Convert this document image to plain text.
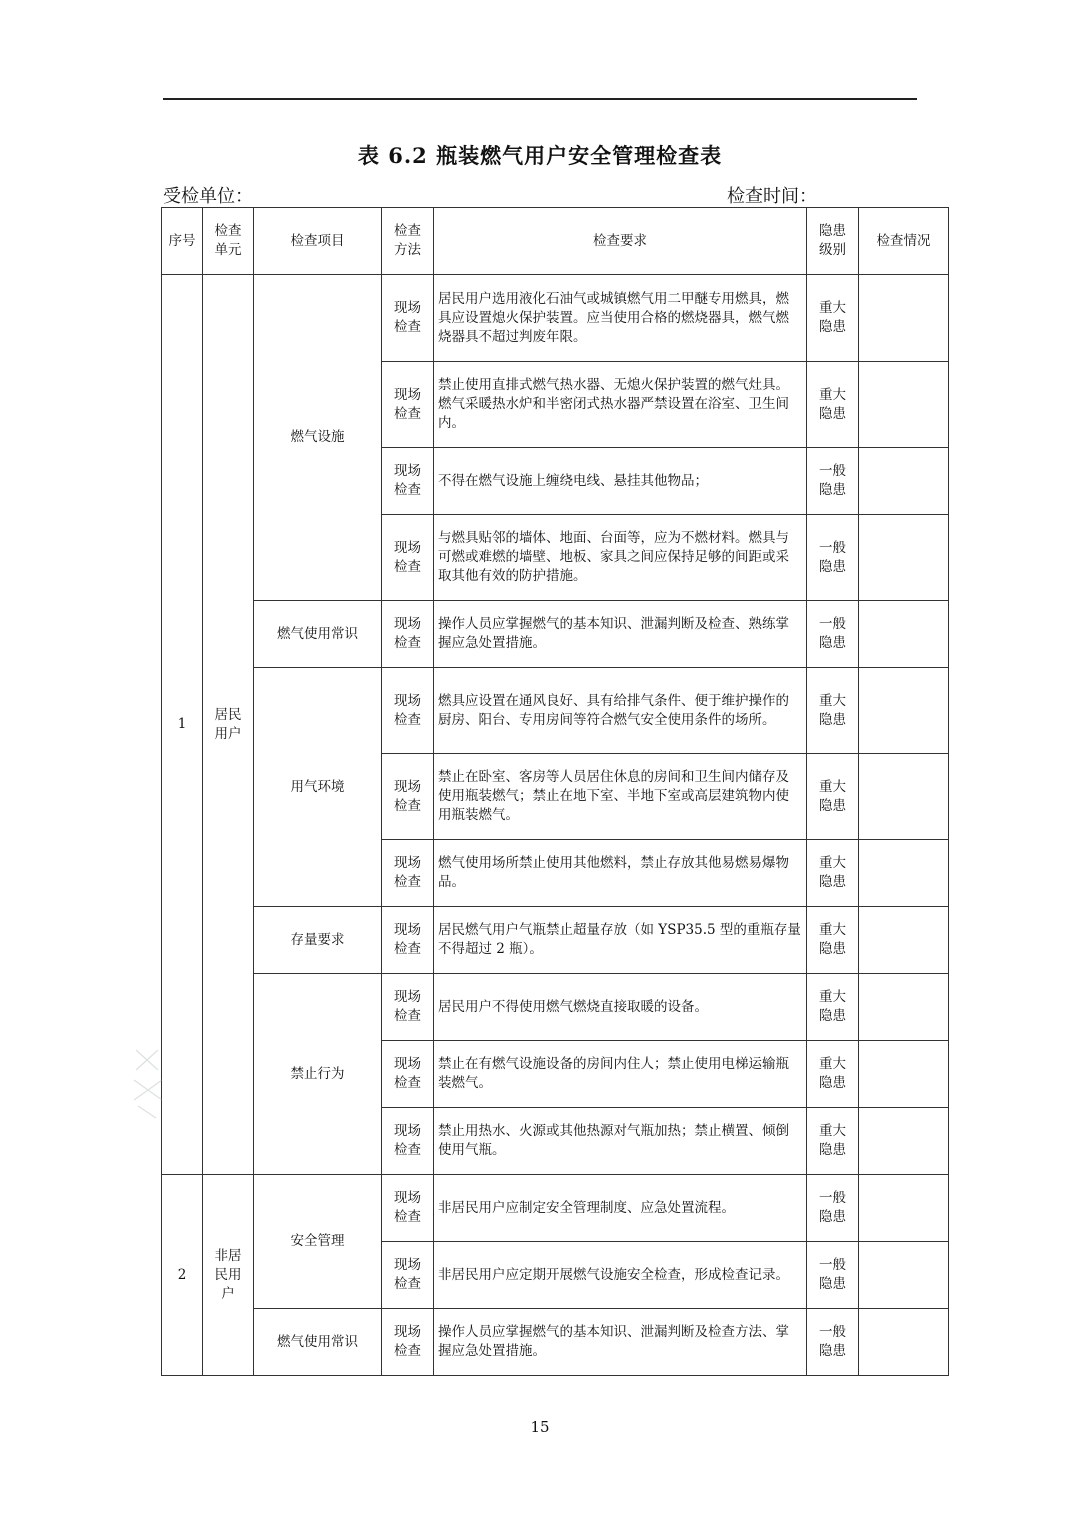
表 6.2 瓶装燃气用户安全管理检查表
受检单位：	检查时间：
序号	检查单元	检查项目	检查方法	检查要求	隐患级别	检查情况
1	居民用户	燃气设施	现场检查	居民用户选用液化石油气或城镇燃气用二甲醚专用燃具，燃具应设置熄火保护装置。应当使用合格的燃烧器具，燃气燃烧器具不超过判废年限。	重大隐患	
			现场检查	禁止使用直排式燃气热水器、无熄火保护装置的燃气灶具。燃气采暖热水炉和半密闭式热水器严禁设置在浴室、卫生间内。	重大隐患	
			现场检查	不得在燃气设施上缠绕电线、悬挂其他物品；	一般隐患	
			现场检查	与燃具贴邻的墙体、地面、台面等，应为不燃材料。燃具与可燃或难燃的墙壁、地板、家具之间应保持足够的间距或采取其他有效的防护措施。	一般隐患	
		燃气使用常识	现场检查	操作人员应掌握燃气的基本知识、泄漏判断及检查、熟练掌握应急处置措施。	一般隐患	
		用气环境	现场检查	燃具应设置在通风良好、具有给排气条件、便于维护操作的厨房、阳台、专用房间等符合燃气安全使用条件的场所。	重大隐患	
			现场检查	禁止在卧室、客房等人员居住休息的房间和卫生间内储存及使用瓶装燃气；禁止在地下室、半地下室或高层建筑物内使用瓶装燃气。	重大隐患	
			现场检查	燃气使用场所禁止使用其他燃料，禁止存放其他易燃易爆物品。	重大隐患	
		存量要求	现场检查	居民燃气用户气瓶禁止超量存放（如 YSP35.5 型的重瓶存量不得超过 2 瓶）。	重大隐患	
		禁止行为	现场检查	居民用户不得使用燃气燃烧直接取暖的设备。	重大隐患	
			现场检查	禁止在有燃气设施设备的房间内住人；禁止使用电梯运输瓶装燃气。	重大隐患	
			现场检查	禁止用热水、火源或其他热源对气瓶加热；禁止横置、倾倒使用气瓶。	重大隐患	
2	非居民用户	安全管理	现场检查	非居民用户应制定安全管理制度、应急处置流程。	一般隐患	
			现场检查	非居民用户应定期开展燃气设施安全检查，形成检查记录。	一般隐患	
		燃气使用常识	现场检查	操作人员应掌握燃气的基本知识、泄漏判断及检查方法、掌握应急处置措施。	一般隐患	
15
